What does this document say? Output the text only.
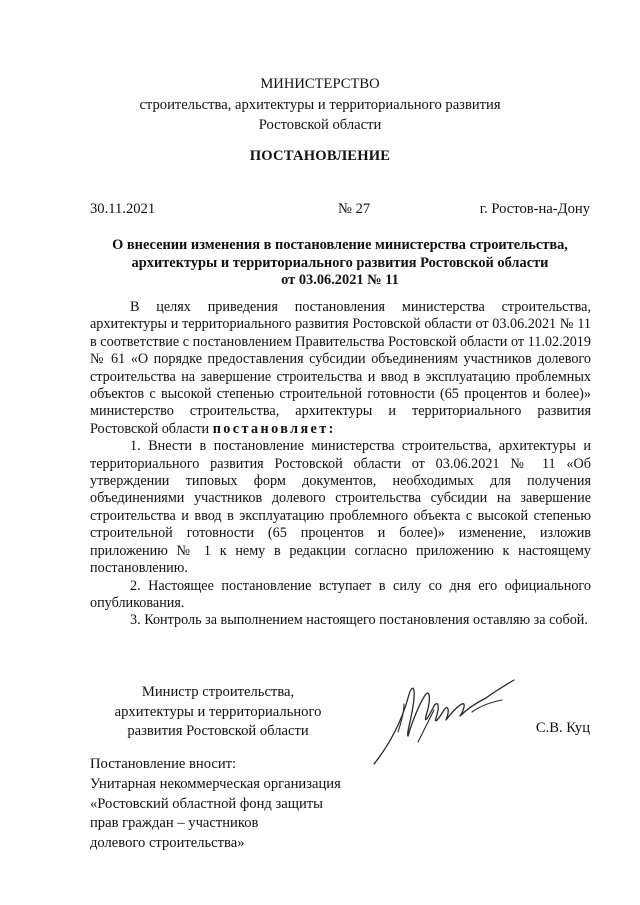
МИНИСТЕРСТВО
строительства, архитектуры и территориального развития
Ростовской области
ПОСТАНОВЛЕНИЕ
30.11.2021	№ 27	г. Ростов-на-Дону
О внесении изменения в постановление министерства строительства,
архитектуры и территориального развития Ростовской области
от 03.06.2021 № 11

В целях приведения постановления министерства строительства, архитектуры и территориального развития Ростовской области от 03.06.2021 № 11 в соответствие с постановлением Правительства Ростовской области от 11.02.2019 № 61 «О порядке предоставления субсидии объединениям участников долевого строительства на завершение строительства и ввод в эксплуатацию проблемных объектов с высокой степенью строительной готовности (65 процентов и более)» министерство строительства, архитектуры и территориального развития Ростовской области постановляет:

1. Внести в постановление министерства строительства, архитектуры и территориального развития Ростовской области от 03.06.2021 № 11 «Об утверждении типовых форм документов, необходимых для получения объединениями участников долевого строительства субсидии на завершение строительства и ввод в эксплуатацию проблемного объекта с высокой степенью строительной готовности (65 процентов и более)» изменение, изложив приложению № 1 к нему в редакции согласно приложению к настоящему постановлению.

2. Настоящее постановление вступает в силу со дня его официального опубликования.

3. Контроль за выполнением настоящего постановления оставляю за собой.

Министр строительства,
архитектуры и территориального
развития Ростовской области	С.В. Куц
Постановление вносит:
Унитарная некоммерческая организация
«Ростовский областной фонд защиты
прав граждан – участников
долевого строительства»
